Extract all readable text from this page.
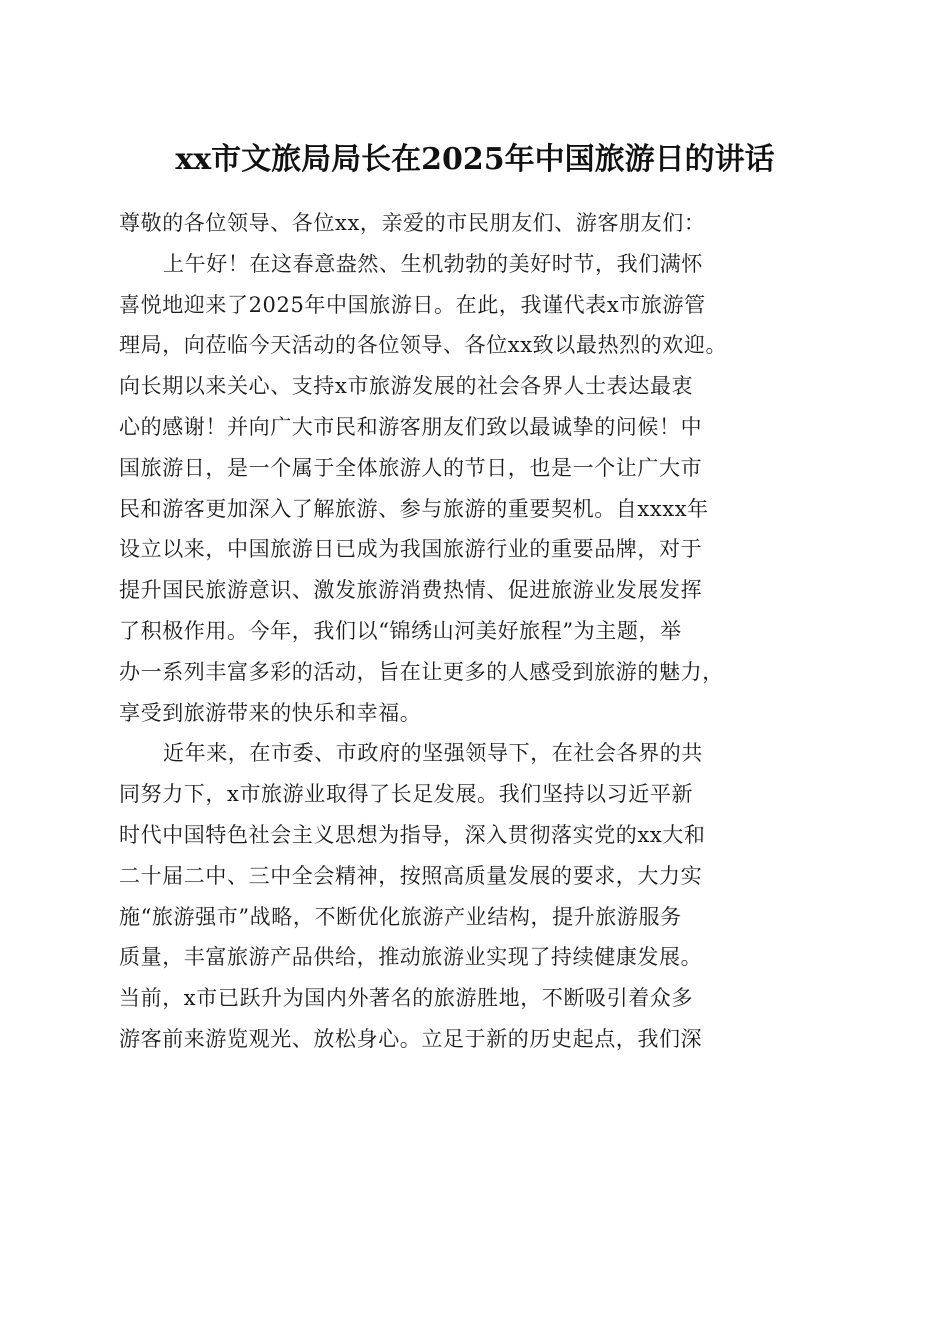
xx市文旅局局长在2025年中国旅游日的讲话
尊敬的各位领导、各位xx，亲爱的市民朋友们、游客朋友们：
上午好！在这春意盎然、生机勃勃的美好时节，我们满怀
喜悦地迎来了2025年中国旅游日。在此，我谨代表x市旅游管
理局，向莅临今天活动的各位领导、各位xx致以最热烈的欢迎。
向长期以来关心、支持x市旅游发展的社会各界人士表达最衷
心的感谢！并向广大市民和游客朋友们致以最诚挚的问候！中
国旅游日，是一个属于全体旅游人的节日，也是一个让广大市
民和游客更加深入了解旅游、参与旅游的重要契机。自xxxx年
设立以来，中国旅游日已成为我国旅游行业的重要品牌，对于
提升国民旅游意识、激发旅游消费热情、促进旅游业发展发挥
了积极作用。今年，我们以“锦绣山河美好旅程”为主题，举
办一系列丰富多彩的活动，旨在让更多的人感受到旅游的魅力，
享受到旅游带来的快乐和幸福。
近年来，在市委、市政府的坚强领导下，在社会各界的共
同努力下，x市旅游业取得了长足发展。我们坚持以习近平新
时代中国特色社会主义思想为指导，深入贯彻落实党的xx大和
二十届二中、三中全会精神，按照高质量发展的要求，大力实
施“旅游强市”战略，不断优化旅游产业结构，提升旅游服务
质量，丰富旅游产品供给，推动旅游业实现了持续健康发展。
当前，x市已跃升为国内外著名的旅游胜地，不断吸引着众多
游客前来游览观光、放松身心。立足于新的历史起点，我们深
